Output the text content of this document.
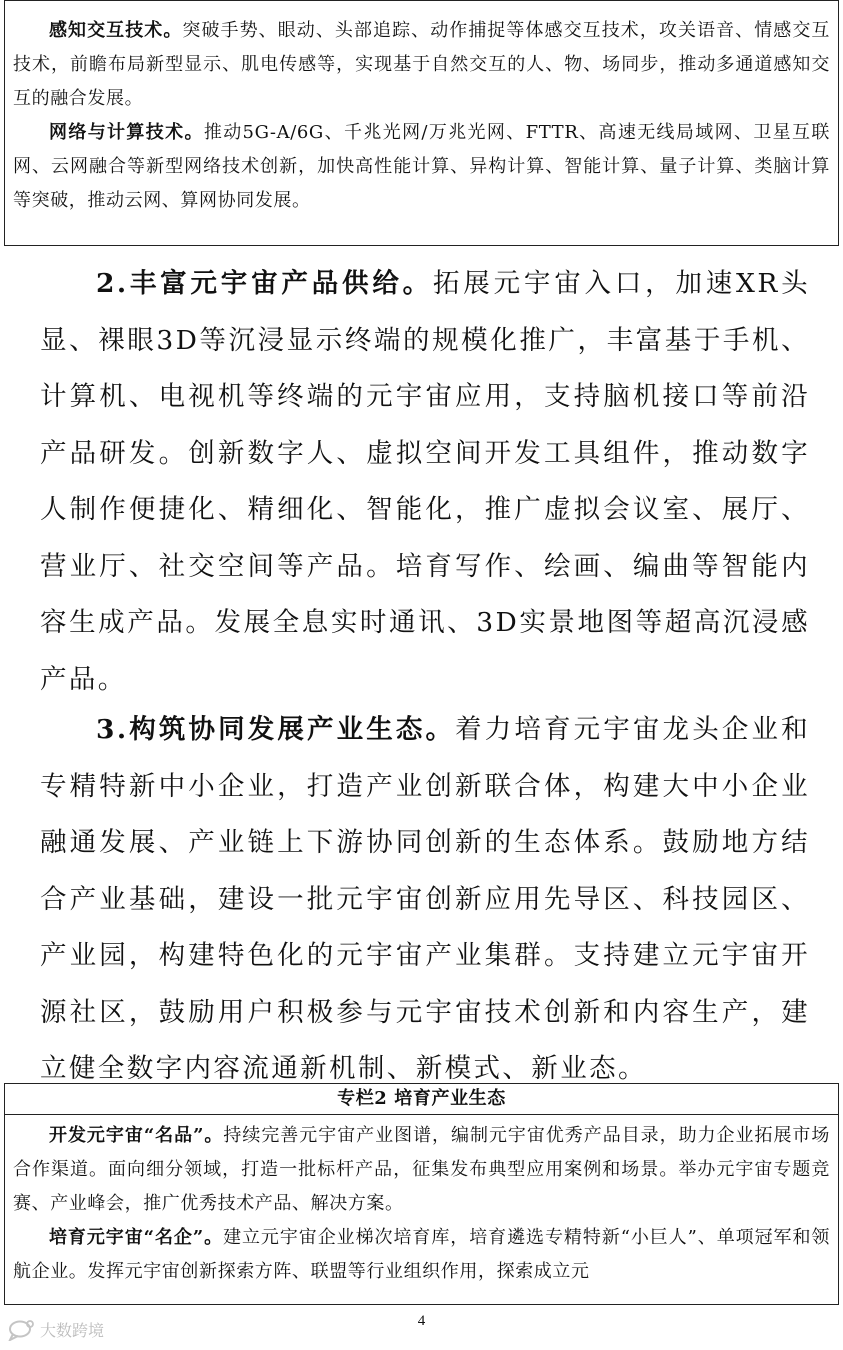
感知交互技术。突破手势、眼动、头部追踪、动作捕捉等体感交互技术，攻关语音、情感交互技术，前瞻布局新型显示、肌电传感等，实现基于自然交互的人、物、场同步，推动多通道感知交互的融合发展。

网络与计算技术。推动5G-A/6G、千兆光网/万兆光网、FTTR、高速无线局域网、卫星互联网、云网融合等新型网络技术创新，加快高性能计算、异构计算、智能计算、量子计算、类脑计算等突破，推动云网、算网协同发展。

2.丰富元宇宙产品供给。拓展元宇宙入口，加速XR头显、裸眼3D等沉浸显示终端的规模化推广，丰富基于手机、计算机、电视机等终端的元宇宙应用，支持脑机接口等前沿产品研发。创新数字人、虚拟空间开发工具组件，推动数字人制作便捷化、精细化、智能化，推广虚拟会议室、展厅、营业厅、社交空间等产品。培育写作、绘画、编曲等智能内容生成产品。发展全息实时通讯、3D实景地图等超高沉浸感产品。

3.构筑协同发展产业生态。着力培育元宇宙龙头企业和专精特新中小企业，打造产业创新联合体，构建大中小企业融通发展、产业链上下游协同创新的生态体系。鼓励地方结合产业基础，建设一批元宇宙创新应用先导区、科技园区、产业园，构建特色化的元宇宙产业集群。支持建立元宇宙开源社区，鼓励用户积极参与元宇宙技术创新和内容生产，建立健全数字内容流通新机制、新模式、新业态。

专栏2 培育产业生态

开发元宇宙“名品”。持续完善元宇宙产业图谱，编制元宇宙优秀产品目录，助力企业拓展市场合作渠道。面向细分领域，打造一批标杆产品，征集发布典型应用案例和场景。举办元宇宙专题竞赛、产业峰会，推广优秀技术产品、解决方案。

培育元宇宙“名企”。建立元宇宙企业梯次培育库，培育遴选专精特新“小巨人”、单项冠军和领航企业。发挥元宇宙创新探索方阵、联盟等行业组织作用，探索成立元

4
大数跨境
